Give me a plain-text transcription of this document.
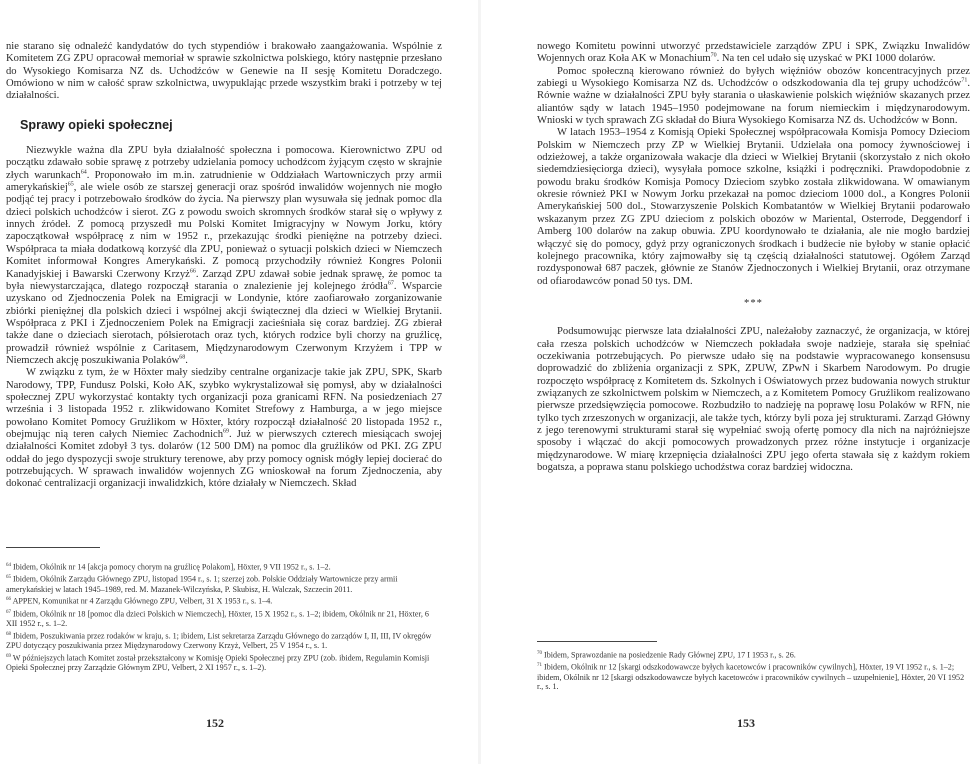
nie starano się odnaleźć kandydatów do tych stypendiów i brakowało zaangażowania. Wspólnie z Komitetem ZG ZPU opracował memoriał w sprawie szkolnictwa polskiego, który następnie przesłano do Wysokiego Komisarza NZ ds. Uchodźców w Genewie na II sesję Komitetu Doradczego. Omówiono w nim w całość spraw szkolnictwa, uwypuklając przede wszystkim braki i potrzeby w tej działalności.

Sprawy opieki społecznej

Niezwykle ważna dla ZPU była działalność społeczna i pomocowa. Kierownictwo ZPU od początku zdawało sobie sprawę z potrzeby udzielania pomocy uchodźcom żyjącym często w skrajnie złych warunkach$^{64}$. Proponowało im m.in. zatrudnienie w Oddziałach Wartowniczych przy armii amerykańskiej$^{65}$, ale wiele osób ze starszej generacji oraz spośród inwalidów wojennych nie mogło podjąć tej pracy i potrzebowało środków do życia. Na pierwszy plan wysuwała się jednak pomoc dla dzieci polskich uchodźców i sierot. ZG z powodu swoich skromnych środków starał się o wpływy z innych źródeł. Z pomocą przyszedł mu Polski Komitet Imigracyjny w Nowym Jorku, który zapoczątkował współpracę z nim w 1952 r., przekazując środki pieniężne na potrzeby dzieci. Współpraca ta miała dodatkową korzyść dla ZPU, ponieważ o sytuacji polskich dzieci w Niemczech Komitet informował Kongres Amerykański. Z pomocą przychodziły również Kongres Polonii Kanadyjskiej i Bawarski Czerwony Krzyż$^{66}$. Zarząd ZPU zdawał sobie jednak sprawę, że pomoc ta była niewystarczająca, dlatego rozpoczął starania o znalezienie jej kolejnego źródła$^{67}$. Wsparcie uzyskano od Zjednoczenia Polek na Emigracji w Londynie, które zaofiarowało zorganizowanie zbiórki pieniężnej dla polskich dzieci i wspólnej akcji świątecznej dla dzieci w Wielkiej Brytanii. Współpraca z PKI i Zjednoczeniem Polek na Emigracji zacieśniała się coraz bardziej. ZG zbierał także dane o dzieciach sierotach, półsierotach oraz tych, których rodzice byli chorzy na gruźlicę, prowadził również wspólnie z Caritasem, Międzynarodowym Czerwonym Krzyżem i TPP w Niemczech akcję poszukiwania Polaków$^{68}$.

W związku z tym, że w Höxter mały siedziby centralne organizacje takie jak ZPU, SPK, Skarb Narodowy, TPP, Fundusz Polski, Koło AK, szybko wykrystalizował się pomysł, aby w działalności społecznej ZPU wykorzystać kontakty tych organizacji poza granicami RFN. Na posiedzeniach 27 września i 3 listopada 1952 r. zlikwidowano Komitet Strefowy z Hamburga, a w jego miejsce powołano Komitet Pomocy Gruźlikom w Höxter, który rozpoczął działalność 20 listopada 1952 r., obejmując nią teren całych Niemiec Zachodnich$^{69}$. Już w pierwszych czterech miesiącach swojej działalności Komitet zdobył 3 tys. dolarów (12 500 DM) na pomoc dla gruźlików od PKI. ZG ZPU oddał do jego dyspozycji swoje struktury terenowe, aby przy pomocy ognisk mógły lepiej docierać do potrzebujących. W sprawach inwalidów wojennych ZG wnioskował na forum Zjednoczenia, aby dokonać centralizacji organizacji inwalidzkich, które działały w Niemczech. Skład

$^{64}$ Ibidem, Okólnik nr 14 [akcja pomocy chorym na gruźlicę Polakom], Höxter, 9 VII 1952 r., s. 1–2.
$^{65}$ Ibidem, Okólnik Zarządu Głównego ZPU, listopad 1954 r., s. 1; szerzej zob. Polskie Oddziały Wartownicze przy armii amerykańskiej w latach 1945–1989, red. M. Mazanek-Wilczyńska, P. Skubisz, H. Walczak, Szczecin 2011.
$^{66}$ APPEN, Komunikat nr 4 Zarządu Głównego ZPU, Velbert, 31 X 1953 r., s. 1–4.
$^{67}$ Ibidem, Okólnik nr 18 [pomoc dla dzieci Polskich w Niemczech], Höxter, 15 X 1952 r., s. 1–2; ibidem, Okólnik nr 21, Höxter, 6 XII 1952 r., s. 1–2.
$^{68}$ Ibidem, Poszukiwania przez rodaków w kraju, s. 1; ibidem, List sekretarza Zarządu Głównego do zarządów I, II, III, IV okręgów ZPU dotyczący poszukiwania przez Międzynarodowy Czerwony Krzyż, Velbert, 25 V 1954 r., s. 1.
$^{69}$ W późniejszych latach Komitet został przekształcony w Komisję Opieki Społecznej przy ZPU (zob. ibidem, Regulamin Komisji Opieki Społecznej przy Zarządzie Głównym ZPU, Velbert, 2 XI 1957 r., s. 1–2).
152

nowego Komitetu powinni utworzyć przedstawiciele zarządów ZPU i SPK, Związku Inwalidów Wojennych oraz Koła AK w Monachium$^{70}$. Na ten cel udało się uzyskać w PKI 1000 dolarów.

Pomoc społeczną kierowano również do byłych więźniów obozów koncentracyjnych przez zabiegi u Wysokiego Komisarza NZ ds. Uchodźców o odszkodowania dla tej grupy uchodźców$^{71}$. Równie ważne w działalności ZPU były starania o ułaskawienie polskich więźniów skazanych przez aliantów sądy w latach 1945–1950 podejmowane na forum niemieckim i międzynarodowym. Wnioski w tych sprawach ZG składał do Biura Wysokiego Komisarza NZ ds. Uchodźców w Bonn.

W latach 1953–1954 z Komisją Opieki Społecznej współpracowała Komisja Pomocy Dzieciom Polskim w Niemczech przy ZP w Wielkiej Brytanii. Udzielała ona pomocy żywnościowej i odzieżowej, a także organizowała wakacje dla dzieci w Wielkiej Brytanii (skorzystało z nich około siedemdziesięciorga dzieci), wysyłała pomoce szkolne, książki i podręczniki. Prawdopodobnie z powodu braku środków Komisja Pomocy Dzieciom szybko została zlikwidowana. W omawianym okresie również PKI w Nowym Jorku przekazał na pomoc dzieciom 1000 dol., a Kongres Polonii Amerykańskiej 500 dol., Stowarzyszenie Polskich Kombatantów w Wielkiej Brytanii podarowało wskazanym przez ZG ZPU dzieciom z polskich obozów w Mariental, Osterrode, Deggendorf i Amberg 100 dolarów na zakup obuwia. ZPU koordynowało te działania, ale nie mogło bardziej włączyć się do pomocy, gdyż przy ograniczonych środkach i budżecie nie byłoby w stanie opłacić kolejnego pracownika, który zajmowałby się tą częścią działalności statutowej. Ogółem Zarząd rozdysponował 687 paczek, głównie ze Stanów Zjednoczonych i Wielkiej Brytanii, oraz otrzymane od ofiarodawców ponad 50 tys. DM.

***

Podsumowując pierwsze lata działalności ZPU, należałoby zaznaczyć, że organizacja, w której cała rzesza polskich uchodźców w Niemczech pokładała swoje nadzieje, starała się spełniać oczekiwania potrzebujących. Po pierwsze udało się na podstawie wypracowanego konsensusu doprowadzić do zbliżenia organizacji z SPK, ZPUW, ZPwN i Skarbem Narodowym. Po drugie rozpoczęto współpracę z Komitetem ds. Szkolnych i Oświatowych przez budowania nowych struktur związanych ze szkolnictwem polskim w Niemczech, a z Komitetem Pomocy Gruźlikom realizowano pierwsze przedsięwzięcia pomocowe. Rozbudziło to nadzieję na poprawę losu Polaków w RFN, nie tylko tych zrzeszonych w organizacji, ale także tych, którzy byli poza jej strukturami. Zarząd Główny z jego terenowymi strukturami starał się wypełniać swoją ofertę pomocy dla nich na najróżniejsze sposoby i włączać do akcji pomocowych prowadzonych przez różne instytucje i organizacje międzynarodowe. W miarę krzepnięcia działalności ZPU jego oferta stawała się z każdym rokiem bogatsza, a poprawa stanu polskiego uchodźstwa coraz bardziej widoczna.

$^{70}$ Ibidem, Sprawozdanie na posiedzenie Rady Głównej ZPU, 17 I 1953 r., s. 26.
$^{71}$ Ibidem, Okólnik nr 12 [skargi odszkodowawcze byłych kacetowców i pracowników cywilnych], Höxter, 19 VI 1952 r., s. 1–2; ibidem, Okólnik nr 12 [skargi odszkodowawcze byłych kacetowców i pracowników cywilnych – uzupełnienie], Höxter, 20 VI 1952 r., s. 1.
153
